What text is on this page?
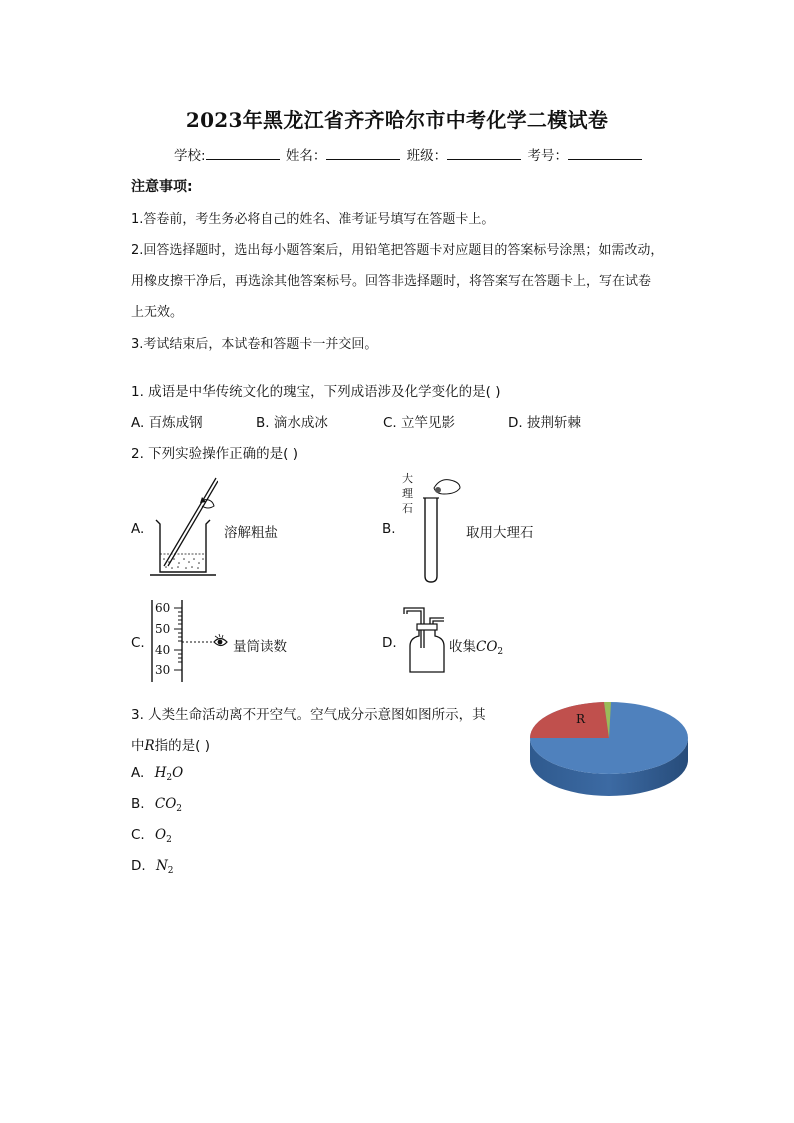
2023年黑龙江省齐齐哈尔市中考化学二模试卷
学校:	姓名：	班级：	考号：
注意事项:
1.答卷前，考生务必将自己的姓名、准考证号填写在答题卡上。
2.回答选择题时，选出每小题答案后，用铅笔把答题卡对应题目的答案标号涂黑；如需改动，
用橡皮擦干净后，再选涂其他答案标号。回答非选择题时，将答案写在答题卡上，写在试卷
上无效。
3.考试结束后，本试卷和答题卡一并交回。
1. 成语是中华传统文化的瑰宝，下列成语涉及化学变化的是( )
A. 百炼成钢	B. 滴水成冰	C. 立竿见影	D. 披荆斩棘
2. 下列实验操作正确的是( )
A.	溶解粗盐	B.
大
理
石
取用大理石
C.
60
50
40
30
量筒读数	D.	收集$CO_2$
3. 人类生命活动离不开空气。空气成分示意图如图所示，其
中R指的是( )
A. $H_2O$
B. $CO_2$
C. $O_2$
D. $N_2$
R
